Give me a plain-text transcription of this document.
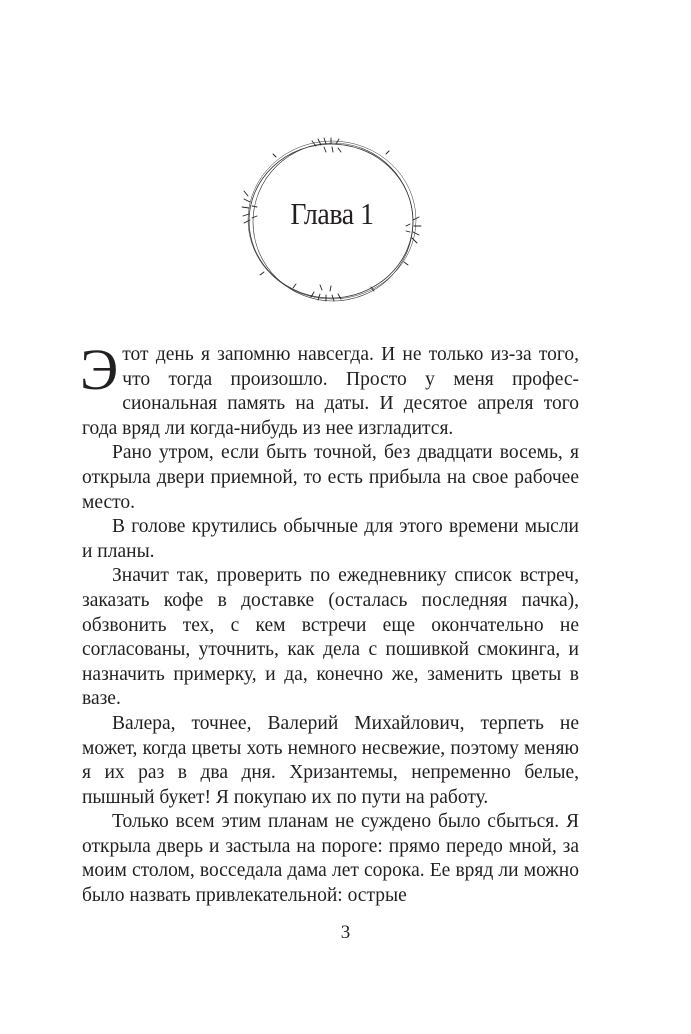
Глава 1

Этот день я запомню навсегда. И не только из-за того, что тогда произошло. Просто у меня профессиональная память на даты. И десятое апреля того года вряд ли когда-нибудь из нее изгладится.

Рано утром, если быть точной, без двадцати восемь, я открыла двери приемной, то есть прибыла на свое рабочее место.

В голове крутились обычные для этого времени мысли и планы.

Значит так, проверить по ежедневнику список встреч, заказать кофе в доставке (осталась последняя пачка), обзвонить тех, с кем встречи еще окончательно не согласованы, уточнить, как дела с пошивкой смокинга, и назначить примерку, и да, конечно же, заменить цветы в вазе.

Валера, точнее, Валерий Михайлович, терпеть не может, когда цветы хоть немного несвежие, поэтому меняю я их раз в два дня. Хризантемы, непременно белые, пышный букет! Я покупаю их по пути на работу.

Только всем этим планам не суждено было сбыться. Я открыла дверь и застыла на пороге: прямо передо мной, за моим столом, восседала дама лет сорока. Ее вряд ли можно было назвать привлекательной: острые

3
